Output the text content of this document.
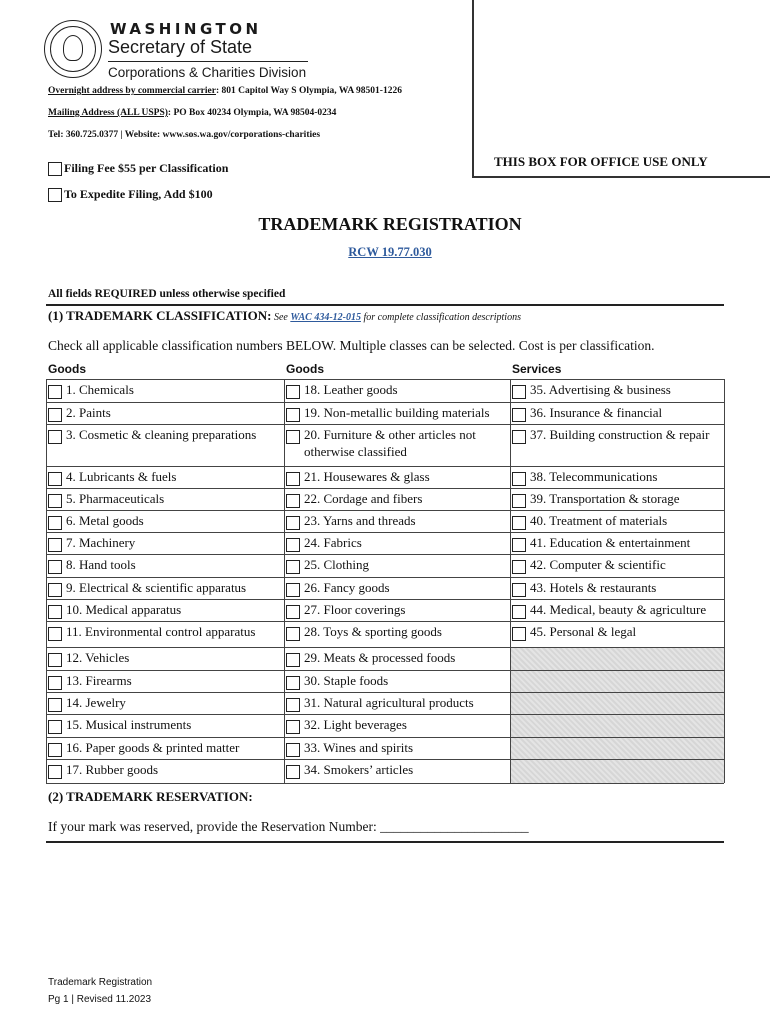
WASHINGTON
Secretary of State
Corporations & Charities Division
Overnight address by commercial carrier: 801 Capitol Way S Olympia, WA 98501-1226
Mailing Address (ALL USPS): PO Box 40234 Olympia, WA 98504-0234
Tel: 360.725.0377 | Website: www.sos.wa.gov/corporations-charities
THIS BOX FOR OFFICE USE ONLY
Filing Fee $55 per Classification
To Expedite Filing, Add $100
TRADEMARK REGISTRATION
RCW 19.77.030
All fields REQUIRED unless otherwise specified
(1) TRADEMARK CLASSIFICATION: See WAC 434-12-015 for complete classification descriptions
Check all applicable classification numbers BELOW. Multiple classes can be selected. Cost is per classification.
Goods	Goods	Services
1. Chemicals
2. Paints
3. Cosmetic & cleaning preparations
4. Lubricants & fuels
5. Pharmaceuticals
6. Metal goods
7. Machinery
8. Hand tools
9. Electrical & scientific apparatus
10. Medical apparatus
11. Environmental control apparatus
12. Vehicles
13. Firearms
14. Jewelry
15. Musical instruments
16. Paper goods & printed matter
17. Rubber goods
18. Leather goods
19. Non-metallic building materials
20. Furniture & other articles not otherwise classified
21. Housewares & glass
22. Cordage and fibers
23. Yarns and threads
24. Fabrics
25. Clothing
26. Fancy goods
27. Floor coverings
28. Toys & sporting goods
29. Meats & processed foods
30. Staple foods
31. Natural agricultural products
32. Light beverages
33. Wines and spirits
34. Smokers’ articles
35. Advertising & business
36. Insurance & financial
37. Building construction & repair
38. Telecommunications
39. Transportation & storage
40. Treatment of materials
41. Education & entertainment
42. Computer & scientific
43. Hotels & restaurants
44. Medical, beauty & agriculture
45. Personal & legal
(2) TRADEMARK RESERVATION:
If your mark was reserved, provide the Reservation Number: ______________________
Trademark Registration
Pg 1 | Revised 11.2023
